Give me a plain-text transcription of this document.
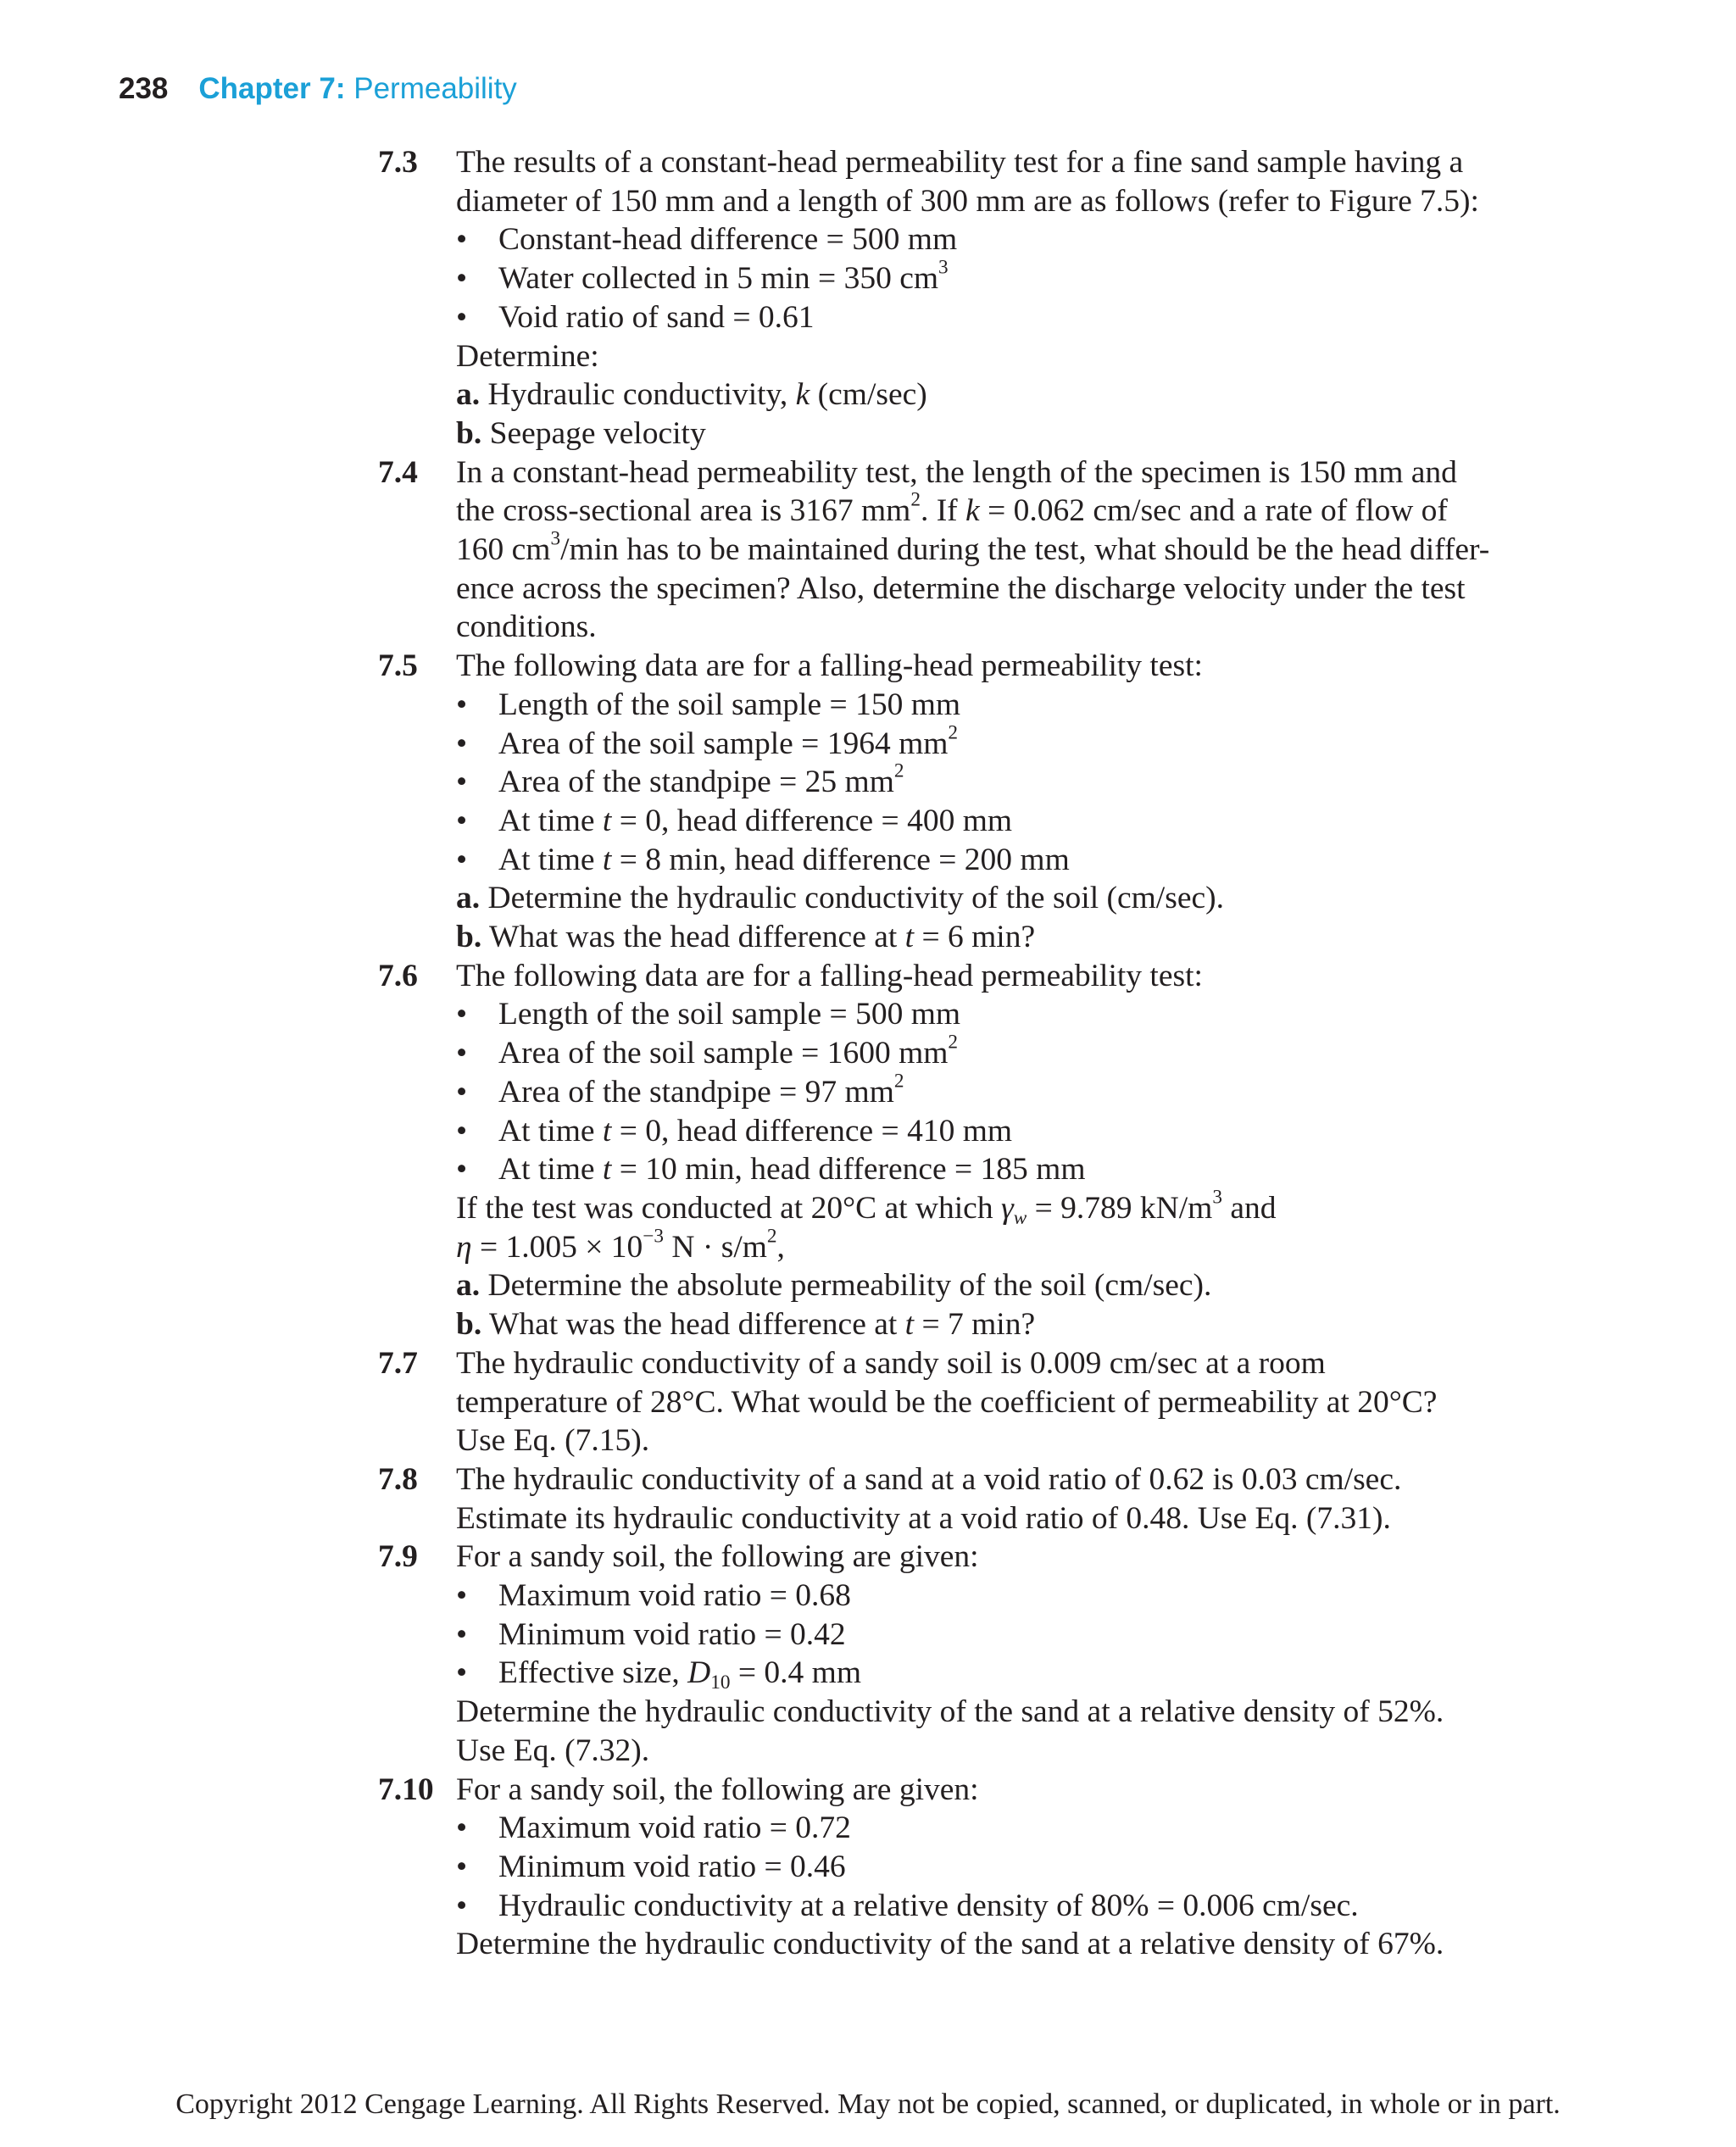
238 Chapter 7: Permeability
7.3 The results of a constant-head permeability test for a fine sand sample having a
diameter of 150 mm and a length of 300 mm are as follows (refer to Figure 7.5):
•
Constant-head difference = 500 mm
•
Water collected in 5 min = 350 $cm^3$
•
Void ratio of sand = 0.61
Determine:
a. Hydraulic conductivity, k (cm/sec)
b. Seepage velocity
7.4 In a constant-head permeability test, the length of the specimen is 150 mm and
the cross-sectional area is 3167 $mm^2$. If k = 0.062 cm/sec and a rate of flow of
160 $cm^3/\min$ has to be maintained during the test, what should be the head differ-
ence across the specimen? Also, determine the discharge velocity under the test
conditions.
7.5 The following data are for a falling-head permeability test:
•
Length of the soil sample = 150 mm
•
Area of the soil sample = 1964 $mm^2$
•
Area of the standpipe = 25 $mm^2$
•
At time t = 0, head difference = 400 mm
•
At time t = 8 min, head difference = 200 mm
a. Determine the hydraulic conductivity of the soil (cm/sec).
b. What was the head difference at t = 6 min?
7.6 The following data are for a falling-head permeability test:
•
Length of the soil sample = 500 mm
•
Area of the soil sample = 1600 $mm^2$
•
Area of the standpipe = 97 $mm^2$
•
At time t = 0, head difference = 410 mm
•
At time t = 10 min, head difference = 185 mm
If the test was conducted at 20°C at which $\gamma_w = 9.789$ $kN/m^3$ and
$\eta = 1.005 \times 10^{-3}$ $N \cdot s/m^2$,
a. Determine the absolute permeability of the soil (cm/sec).
b. What was the head difference at t = 7 min?
7.7 The hydraulic conductivity of a sandy soil is 0.009 cm/sec at a room
temperature of 28°C. What would be the coefficient of permeability at 20°C?
Use Eq. (7.15).
7.8 The hydraulic conductivity of a sand at a void ratio of 0.62 is 0.03 cm/sec.
Estimate its hydraulic conductivity at a void ratio of 0.48. Use Eq. (7.31).
7.9 For a sandy soil, the following are given:
•
Maximum void ratio = 0.68
•
Minimum void ratio = 0.42
•
Effective size, $D_{10} = 0.4$ mm
Determine the hydraulic conductivity of the sand at a relative density of 52%.
Use Eq. (7.32).
7.10 For a sandy soil, the following are given:
•
Maximum void ratio = 0.72
•
Minimum void ratio = 0.46
•
Hydraulic conductivity at a relative density of 80% = 0.006 cm/sec.
Determine the hydraulic conductivity of the sand at a relative density of 67%.
Copyright 2012 Cengage Learning. All Rights Reserved. May not be copied, scanned, or duplicated, in whole or in part.
